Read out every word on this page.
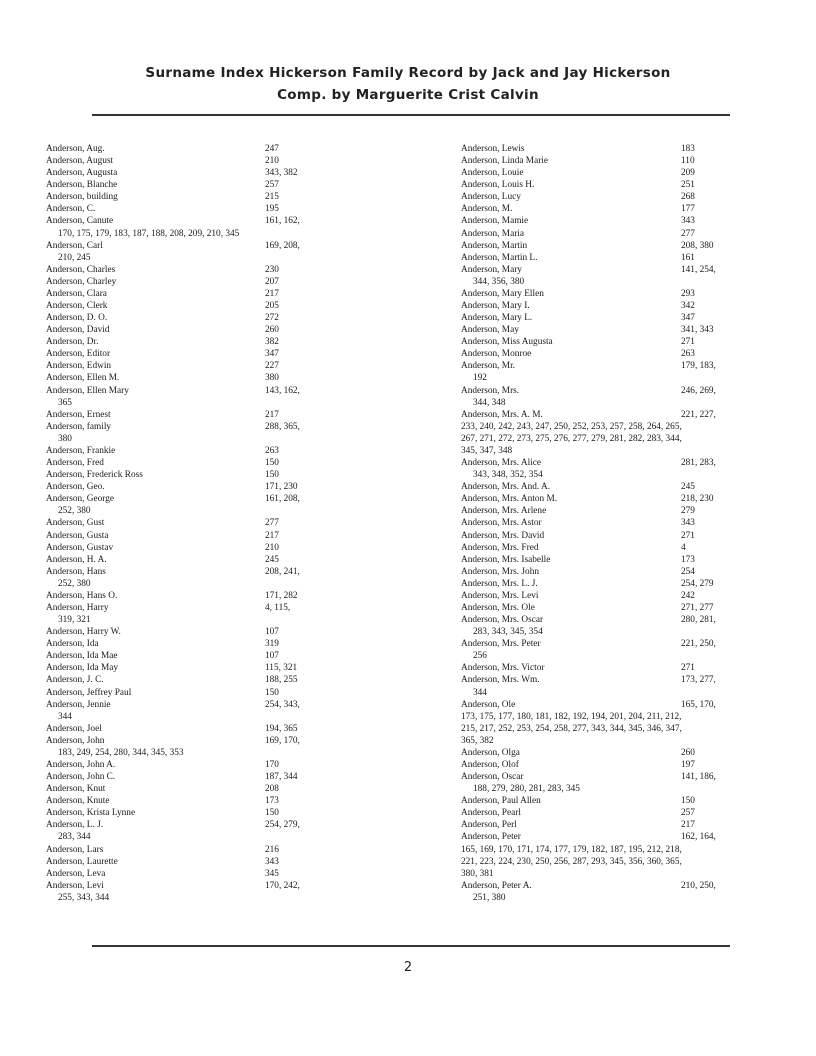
Surname Index Hickerson Family Record by Jack and Jay Hickerson
Comp. by Marguerite Crist Calvin
Anderson, Aug.	247
Anderson, August	210
Anderson, Augusta	343, 382
Anderson, Blanche	257
Anderson, building	215
Anderson, C.	195
Anderson, Canute	161, 162,
170, 175, 179, 183, 187, 188, 208, 209, 210, 345
Anderson, Carl	169, 208,
210, 245
Anderson, Charles	230
Anderson, Charley	207
Anderson, Clara	217
Anderson, Clerk	205
Anderson, D. O.	272
Anderson, David	260
Anderson, Dr.	382
Anderson, Editor	347
Anderson, Edwin	227
Anderson, Ellen M.	380
Anderson, Ellen Mary	143, 162,
365
Anderson, Ernest	217
Anderson, family	288, 365,
380
Anderson, Frankie	263
Anderson, Fred	150
Anderson, Frederick Ross	150
Anderson, Geo.	171, 230
Anderson, George	161, 208,
252, 380
Anderson, Gust	277
Anderson, Gusta	217
Anderson, Gustav	210
Anderson, H. A.	245
Anderson, Hans	208, 241,
252, 380
Anderson, Hans O.	171, 282
Anderson, Harry	4, 115,
319, 321
Anderson, Harry W.	107
Anderson, Ida	319
Anderson, Ida Mae	107
Anderson, Ida May	115, 321
Anderson, J. C.	188, 255
Anderson, Jeffrey Paul	150
Anderson, Jennie	254, 343,
344
Anderson, Joel	194, 365
Anderson, John	169, 170,
183, 249, 254, 280, 344, 345, 353
Anderson, John A.	170
Anderson, John C.	187, 344
Anderson, Knut	208
Anderson, Knute	173
Anderson, Krista Lynne	150
Anderson, L. J.	254, 279,
283, 344
Anderson, Lars	216
Anderson, Laurette	343
Anderson, Leva	345
Anderson, Levi	170, 242,
255, 343, 344
Anderson, Lewis	183
Anderson, Linda Marie	110
Anderson, Louie	209
Anderson, Louis H.	251
Anderson, Lucy	268
Anderson, M.	177
Anderson, Mamie	343
Anderson, Maria	277
Anderson, Martin	208, 380
Anderson, Martin L.	161
Anderson, Mary	141, 254,
344, 356, 380
Anderson, Mary Ellen	293
Anderson, Mary I.	342
Anderson, Mary L.	347
Anderson, May	341, 343
Anderson, Miss Augusta	271
Anderson, Monroe	263
Anderson, Mr.	179, 183,
192
Anderson, Mrs.	246, 269,
344, 348
Anderson, Mrs. A. M.	221, 227,
233, 240, 242, 243, 247, 250, 252, 253, 257, 258, 264, 265,
267, 271, 272, 273, 275, 276, 277, 279, 281, 282, 283, 344,
345, 347, 348
Anderson, Mrs. Alice	281, 283,
343, 348, 352, 354
Anderson, Mrs. And. A.	245
Anderson, Mrs. Anton M.	218, 230
Anderson, Mrs. Arlene	279
Anderson, Mrs. Astor	343
Anderson, Mrs. David	271
Anderson, Mrs. Fred	4
Anderson, Mrs. Isabelle	173
Anderson, Mrs. John	254
Anderson, Mrs. L. J.	254, 279
Anderson, Mrs. Levi	242
Anderson, Mrs. Ole	271, 277
Anderson, Mrs. Oscar	280, 281,
283, 343, 345, 354
Anderson, Mrs. Peter	221, 250,
256
Anderson, Mrs. Victor	271
Anderson, Mrs. Wm.	173, 277,
344
Anderson, Ole	165, 170,
173, 175, 177, 180, 181, 182, 192, 194, 201, 204, 211, 212,
215, 217, 252, 253, 254, 258, 277, 343, 344, 345, 346, 347,
365, 382
Anderson, Olga	260
Anderson, Olof	197
Anderson, Oscar	141, 186,
188, 279, 280, 281, 283, 345
Anderson, Paul Allen	150
Anderson, Pearl	257
Anderson, Perl	217
Anderson, Peter	162, 164,
165, 169, 170, 171, 174, 177, 179, 182, 187, 195, 212, 218,
221, 223, 224, 230, 250, 256, 287, 293, 345, 356, 360, 365,
380, 381
Anderson, Peter A.	210, 250,
251, 380
2
